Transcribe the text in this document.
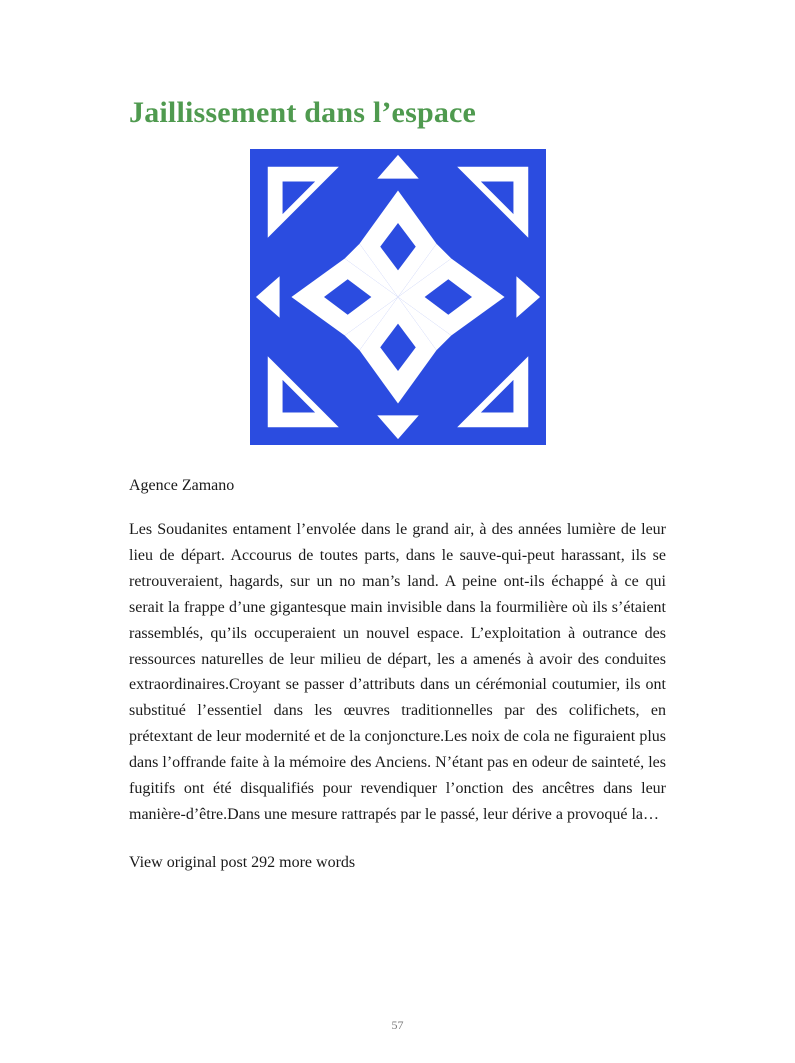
Jaillissement dans l’espace

Agence Zamano

Les Soudanites entament l’envolée dans le grand air, à des années lumière de leur lieu de départ. Accourus de toutes parts, dans le sauve-qui-peut harassant, ils se retrouveraient, hagards, sur un no man’s land. A peine ont-ils échappé à ce qui serait la frappe d’une gigantesque main invisible dans la fourmilière où ils s’étaient rassemblés, qu’ils occuperaient un nouvel espace. L’exploitation à outrance des ressources naturelles de leur milieu de départ, les a amenés à avoir des conduites extraordinaires.Croyant se passer d’attributs dans un cérémonial coutumier, ils ont substitué l’essentiel dans les œuvres traditionnelles par des colifichets, en prétextant de leur modernité et de la conjoncture.Les noix de cola ne figuraient plus dans l’offrande faite à la mémoire des Anciens. N’étant pas en odeur de sainteté, les fugitifs ont été disqualifiés pour revendiquer l’onction des ancêtres dans leur manière-d’être.Dans une mesure rattrapés par le passé, leur dérive a provoqué la…

View original post 292 more words

57
